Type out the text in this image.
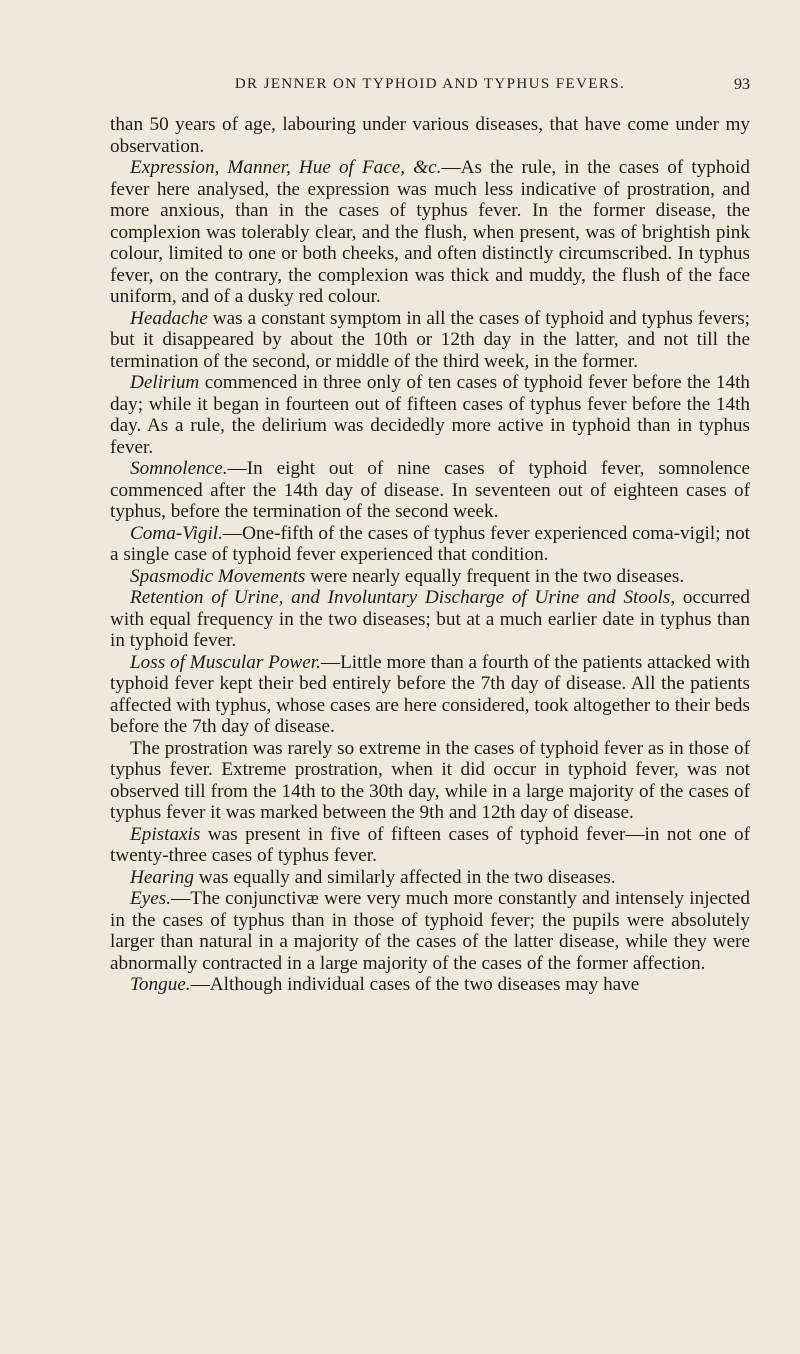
DR JENNER ON TYPHOID AND TYPHUS FEVERS.	93

than 50 years of age, labouring under various diseases, that have come under my observation.

Expression, Manner, Hue of Face, &c.—As the rule, in the cases of typhoid fever here analysed, the expression was much less indicative of prostration, and more anxious, than in the cases of typhus fever. In the former disease, the complexion was tolerably clear, and the flush, when present, was of brightish pink colour, limited to one or both cheeks, and often distinctly circumscribed. In typhus fever, on the contrary, the complexion was thick and muddy, the flush of the face uniform, and of a dusky red colour.

Headache was a constant symptom in all the cases of typhoid and typhus fevers; but it disappeared by about the 10th or 12th day in the latter, and not till the termination of the second, or middle of the third week, in the former.

Delirium commenced in three only of ten cases of typhoid fever before the 14th day; while it began in fourteen out of fifteen cases of typhus fever before the 14th day. As a rule, the delirium was decidedly more active in typhoid than in typhus fever.

Somnolence.—In eight out of nine cases of typhoid fever, somnolence commenced after the 14th day of disease. In seventeen out of eighteen cases of typhus, before the termination of the second week.

Coma-Vigil.—One-fifth of the cases of typhus fever experienced coma-vigil; not a single case of typhoid fever experienced that condition.

Spasmodic Movements were nearly equally frequent in the two diseases.

Retention of Urine, and Involuntary Discharge of Urine and Stools, occurred with equal frequency in the two diseases; but at a much earlier date in typhus than in typhoid fever.

Loss of Muscular Power.—Little more than a fourth of the patients attacked with typhoid fever kept their bed entirely before the 7th day of disease. All the patients affected with typhus, whose cases are here considered, took altogether to their beds before the 7th day of disease.

The prostration was rarely so extreme in the cases of typhoid fever as in those of typhus fever. Extreme prostration, when it did occur in typhoid fever, was not observed till from the 14th to the 30th day, while in a large majority of the cases of typhus fever it was marked between the 9th and 12th day of disease.

Epistaxis was present in five of fifteen cases of typhoid fever—in not one of twenty-three cases of typhus fever.

Hearing was equally and similarly affected in the two diseases.

Eyes.—The conjunctivæ were very much more constantly and intensely injected in the cases of typhus than in those of typhoid fever; the pupils were absolutely larger than natural in a majority of the cases of the latter disease, while they were abnormally contracted in a large majority of the cases of the former affection.

Tongue.—Although individual cases of the two diseases may have
